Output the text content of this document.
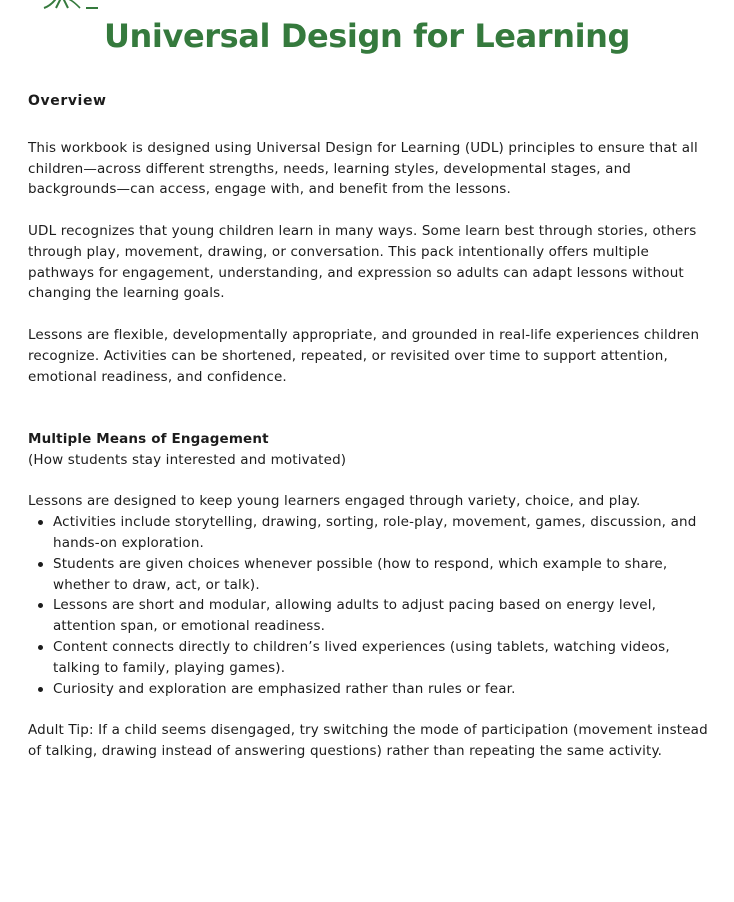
Universal Design for Learning
Overview

This workbook is designed using Universal Design for Learning (UDL) principles to ensure that all children—across different strengths, needs, learning styles, developmental stages, and backgrounds—can access, engage with, and benefit from the lessons.

UDL recognizes that young children learn in many ways. Some learn best through stories, others through play, movement, drawing, or conversation. This pack intentionally offers multiple pathways for engagement, understanding, and expression so adults can adapt lessons without changing the learning goals.

Lessons are flexible, developmentally appropriate, and grounded in real-life experiences children recognize. Activities can be shortened, repeated, or revisited over time to support attention, emotional readiness, and confidence.

Multiple Means of Engagement

(How students stay interested and motivated)

Lessons are designed to keep young learners engaged through variety, choice, and play.

Activities include storytelling, drawing, sorting, role-play, movement, games, discussion, and hands-on exploration.
Students are given choices whenever possible (how to respond, which example to share, whether to draw, act, or talk).
Lessons are short and modular, allowing adults to adjust pacing based on energy level, attention span, or emotional readiness.
Content connects directly to children’s lived experiences (using tablets, watching videos, talking to family, playing games).
Curiosity and exploration are emphasized rather than rules or fear.

Adult Tip: If a child seems disengaged, try switching the mode of participation (movement instead of talking, drawing instead of answering questions) rather than repeating the same activity.
